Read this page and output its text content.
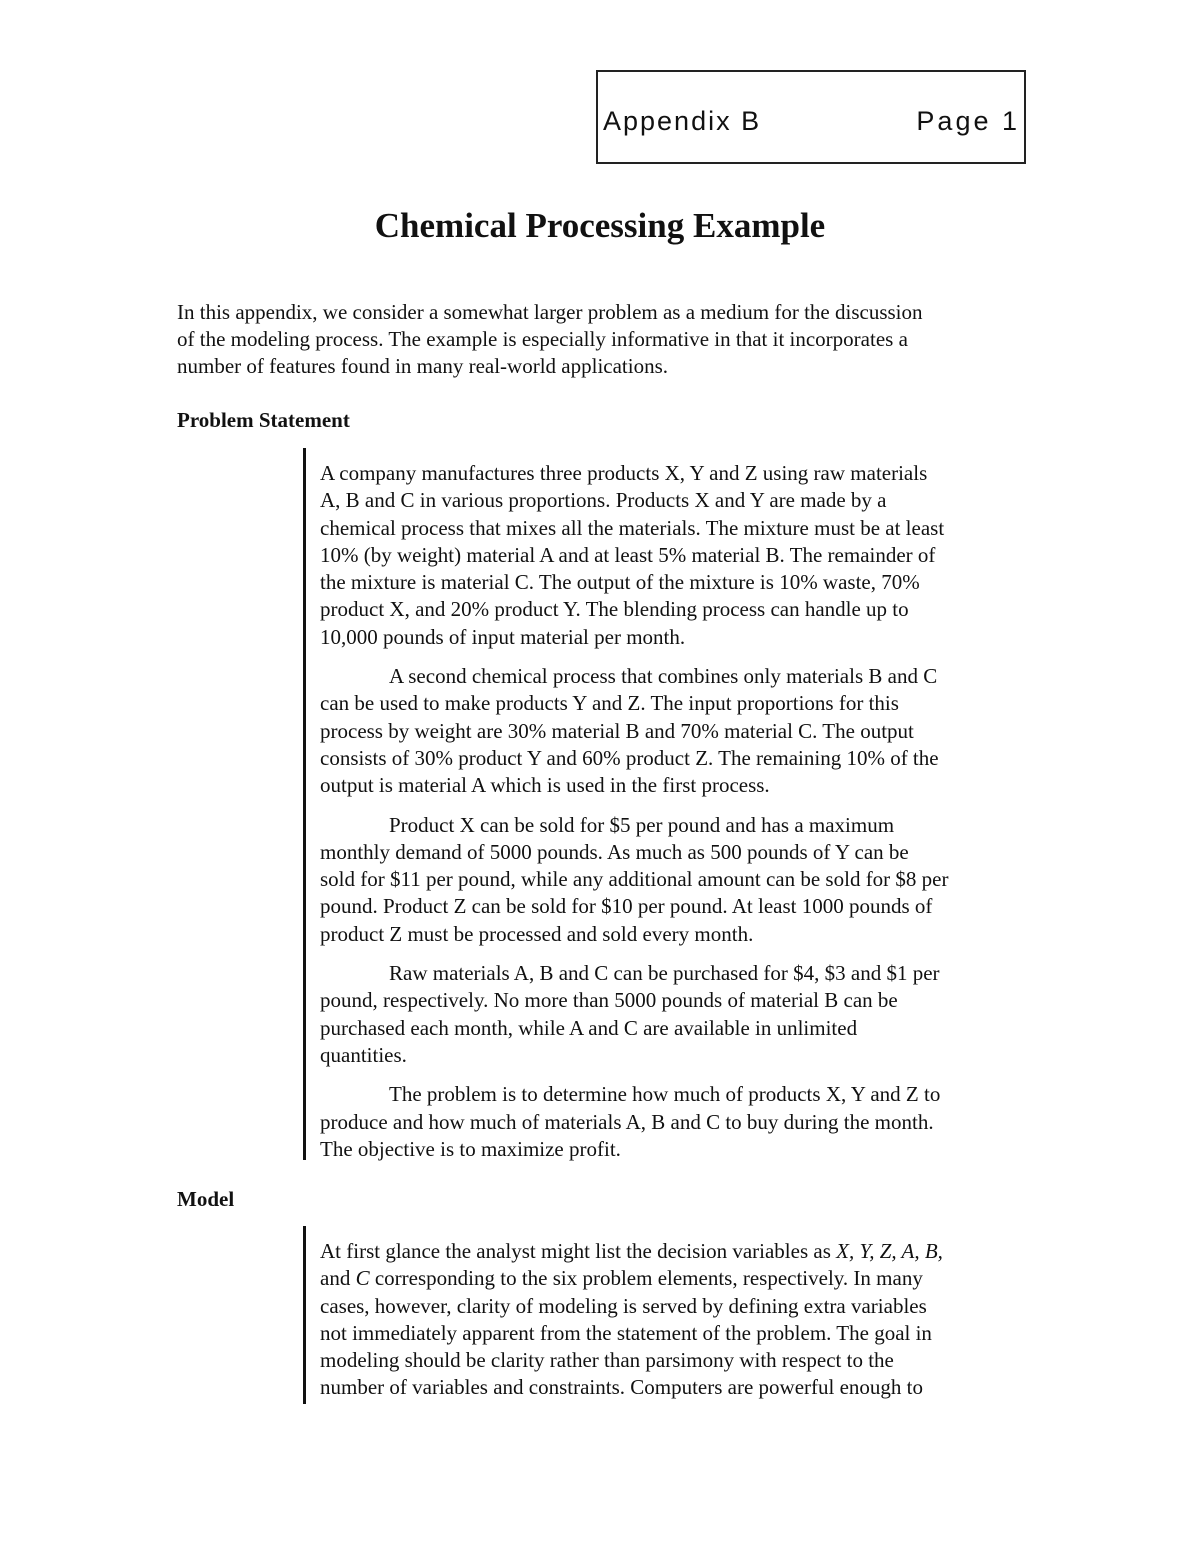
Appendix B	Page 1
Chemical Processing Example
In this appendix, we consider a somewhat larger problem as a medium for the discussion
of the modeling process. The example is especially informative in that it incorporates a
number of features found in many real-world applications.
Problem Statement

A company manufactures three products X, Y and Z using raw materials
A, B and C in various proportions. Products X and Y are made by a
chemical process that mixes all the materials. The mixture must be at least
10% (by weight) material A and at least 5% material B. The remainder of
the mixture is material C. The output of the mixture is 10% waste, 70%
product X, and 20% product Y. The blending process can handle up to
10,000 pounds of input material per month.

A second chemical process that combines only materials B and C
can be used to make products Y and Z. The input proportions for this
process by weight are 30% material B and 70% material C. The output
consists of 30% product Y and 60% product Z. The remaining 10% of the
output is material A which is used in the first process.

Product X can be sold for $5 per pound and has a maximum
monthly demand of 5000 pounds. As much as 500 pounds of Y can be
sold for $11 per pound, while any additional amount can be sold for $8 per
pound. Product Z can be sold for $10 per pound. At least 1000 pounds of
product Z must be processed and sold every month.

Raw materials A, B and C can be purchased for $4, $3 and $1 per
pound, respectively. No more than 5000 pounds of material B can be
purchased each month, while A and C are available in unlimited
quantities.

The problem is to determine how much of products X, Y and Z to
produce and how much of materials A, B and C to buy during the month.
The objective is to maximize profit.

Model

At first glance the analyst might list the decision variables as X, Y, Z, A, B,
and C corresponding to the six problem elements, respectively. In many
cases, however, clarity of modeling is served by defining extra variables
not immediately apparent from the statement of the problem. The goal in
modeling should be clarity rather than parsimony with respect to the
number of variables and constraints. Computers are powerful enough to
